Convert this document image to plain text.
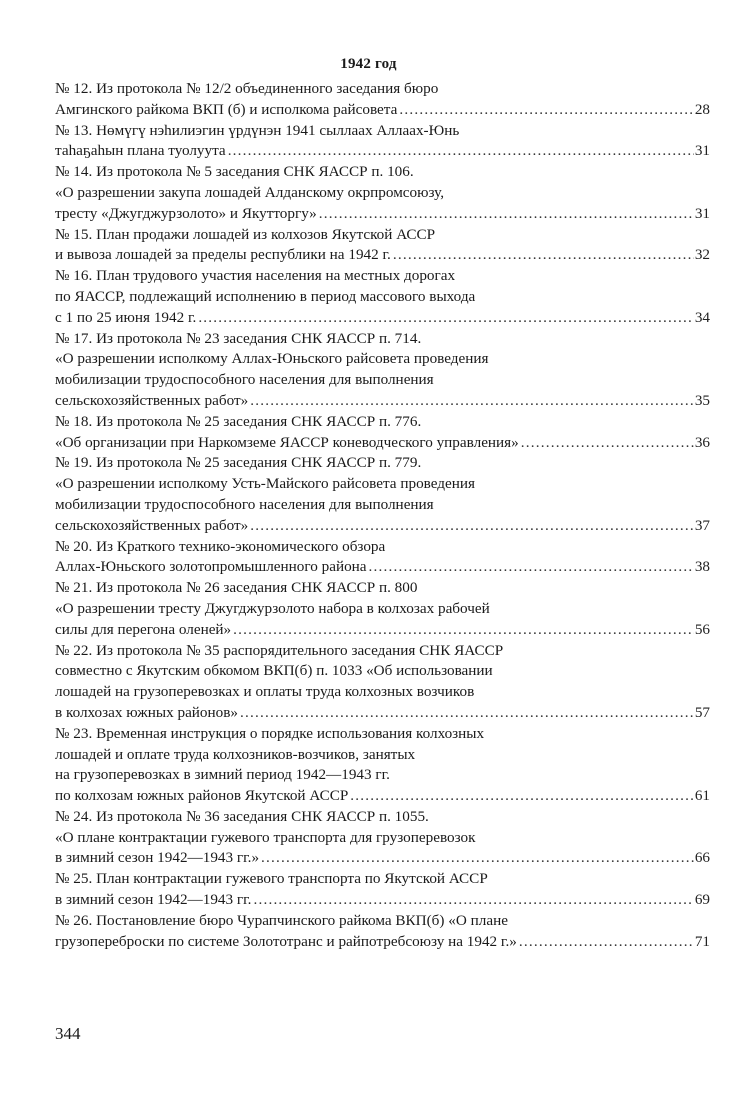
1942 год
№ 12. Из протокола № 12/2 объединенного заседания бюро
Амгинского райкома ВКП (б) и исполкома райсовета .....	28
№ 13. Нөмүгү нэһилиэгин үрдүнэн 1941 сыллаах Аллаах-Юнь
таһаҕаһын плана туолуута .....	31
№ 14. Из протокола № 5 заседания СНК ЯАССР п. 106.
«О разрешении закупа лошадей Алданскому окрпромсоюзу,
тресту «Джугджурзолото» и Якутторгу» .....	31
№ 15. План продажи лошадей из колхозов Якутской АССР
и вывоза лошадей за пределы республики на 1942 г. .....	32
№ 16. План трудового участия населения на местных дорогах
по ЯАССР, подлежащий исполнению в период массового выхода
с 1 по 25 июня 1942 г. .....	34
№ 17. Из протокола № 23 заседания СНК ЯАССР п. 714.
«О разрешении исполкому Аллах-Юньского райсовета проведения
мобилизации трудоспособного населения для выполнения
сельскохозяйственных работ» .....	35
№ 18. Из протокола № 25 заседания СНК ЯАССР п. 776.
«Об организации при Наркомземе ЯАССР коневодческого управления» .....	36
№ 19. Из протокола № 25 заседания СНК ЯАССР п. 779.
«О разрешении исполкому Усть-Майского райсовета проведения
мобилизации трудоспособного населения для выполнения
сельскохозяйственных работ» .....	37
№ 20. Из Краткого технико-экономического обзора
Аллах-Юньского золотопромышленного района .....	38
№ 21. Из протокола № 26 заседания СНК ЯАССР п. 800
«О разрешении тресту Джугджурзолото набора в колхозах рабочей
силы для перегона оленей» .....	56
№ 22. Из протокола № 35 распорядительного заседания СНК ЯАССР
совместно с Якутским обкомом ВКП(б) п. 1033 «Об использовании
лошадей на грузоперевозках и оплаты труда колхозных возчиков
в колхозах южных районов» .....	57
№ 23. Временная инструкция о порядке использования колхозных
лошадей и оплате труда колхозников-возчиков, занятых
на грузоперевозках в зимний период 1942—1943 гг.
по колхозам южных районов Якутской АССР .....	61
№ 24. Из протокола № 36 заседания СНК ЯАССР п. 1055.
«О плане контрактации гужевого транспорта для грузоперевозок
в зимний сезон 1942—1943 гг.» .....	66
№ 25. План контрактации гужевого транспорта по Якутской АССР
в зимний сезон 1942—1943 гг. .....	69
№ 26. Постановление бюро Чурапчинского райкома ВКП(б) «О плане
грузопереброски по системе Золототранс и райпотребсоюзу на 1942 г.» .....	71
344
